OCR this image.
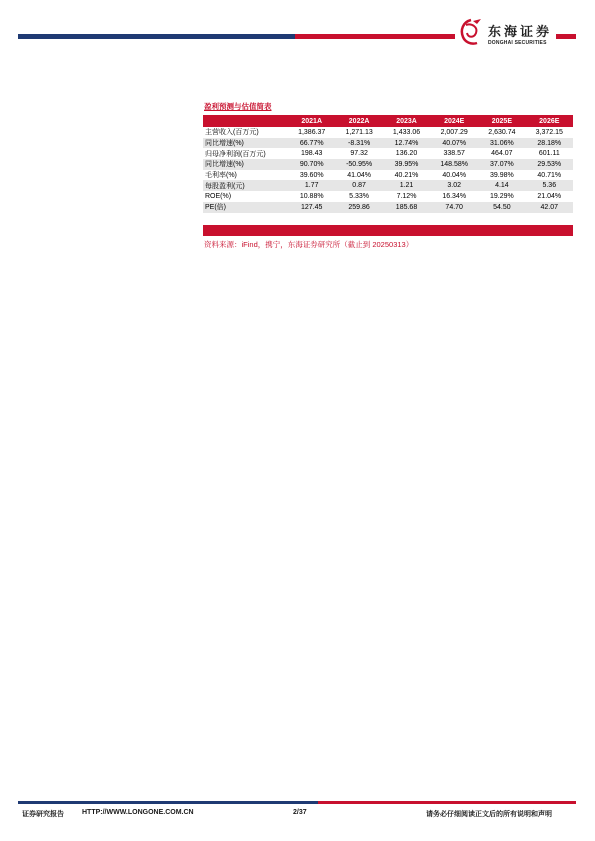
东海证券
DONGHAI SECURITIES
盈利预测与估值简表
	2021A	2022A	2023A	2024E	2025E	2026E
主营收入(百万元)	1,386.37	1,271.13	1,433.06	2,007.29	2,630.74	3,372.15
同比增速(%)	66.77%	-8.31%	12.74%	40.07%	31.06%	28.18%
归母净利润(百万元)	198.43	97.32	136.20	338.57	464.07	601.11
同比增速(%)	90.70%	-50.95%	39.95%	148.58%	37.07%	29.53%
毛利率(%)	39.60%	41.04%	40.21%	40.04%	39.98%	40.71%
每股盈利(元)	1.77	0.87	1.21	3.02	4.14	5.36
ROE(%)	10.88%	5.33%	7.12%	16.34%	19.29%	21.04%
PE(倍)	127.45	259.86	185.68	74.70	54.50	42.07
资料来源：iFind，携宁，东海证券研究所（截止到 20250313）
证券研究报告	HTTP://WWW.LONGONE.COM.CN	2/37	请务必仔细阅读正文后的所有说明和声明
